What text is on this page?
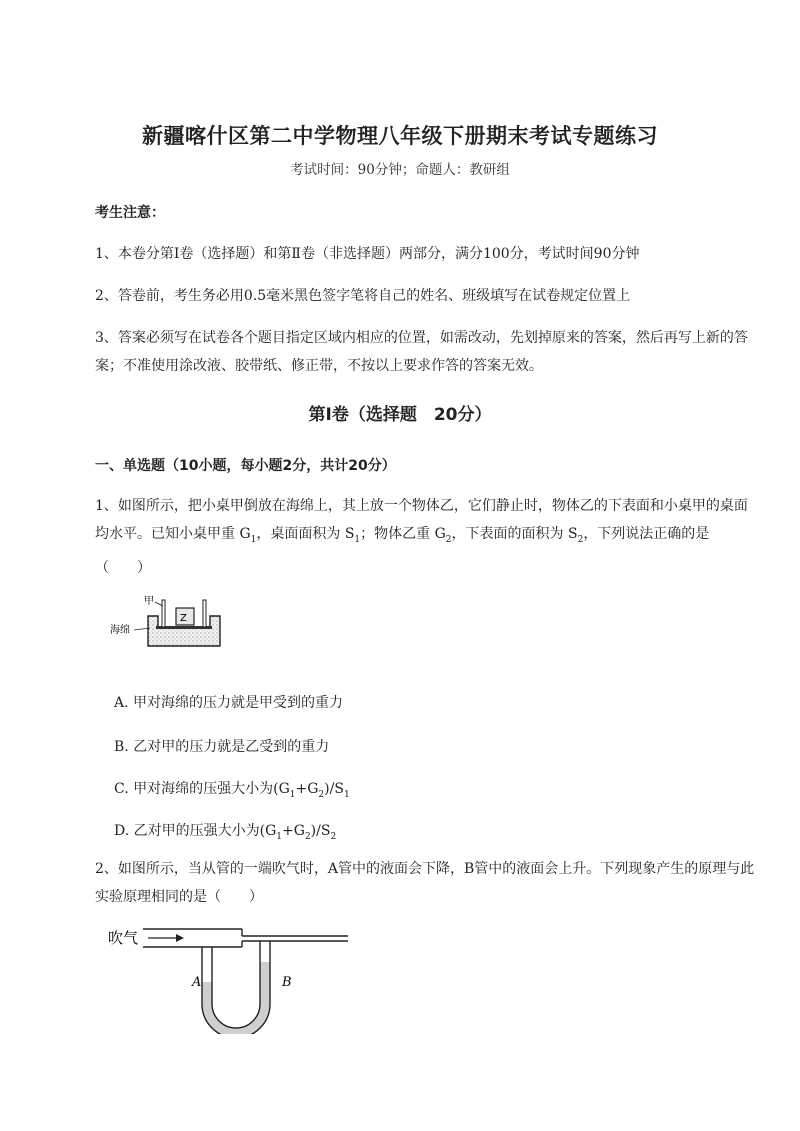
新疆喀什区第二中学物理八年级下册期末考试专题练习
考试时间：90分钟；命题人：教研组
考生注意：
1、本卷分第Ⅰ卷（选择题）和第Ⅱ卷（非选择题）两部分，满分100分，考试时间90分钟
2、答卷前，考生务必用0.5毫米黑色签字笔将自己的姓名、班级填写在试卷规定位置上
3、答案必须写在试卷各个题目指定区域内相应的位置，如需改动，先划掉原来的答案，然后再写上新的答案；不准使用涂改液、胶带纸、修正带，不按以上要求作答的答案无效。
第Ⅰ卷（选择题　20分）
一、单选题（10小题，每小题2分，共计20分）
1、如图所示，把小桌甲倒放在海绵上，其上放一个物体乙，它们静止时，物体乙的下表面和小桌甲的桌面均水平。已知小桌甲重 $G_1$，桌面面积为 $S_1$；物体乙重 $G_2$，下表面的面积为 $S_2$，下列说法正确的是（　　）
Z
甲
海绵
A. 甲对海绵的压力就是甲受到的重力
B. 乙对甲的压力就是乙受到的重力
C. 甲对海绵的压强大小为$(G_1+G_2)/S_1$
D. 乙对甲的压强大小为$(G_1+G_2)/S_2$
2、如图所示，当从管的一端吹气时，A管中的液面会下降，B管中的液面会上升。下列现象产生的原理与此实验原理相同的是（　　）
吹气
A	B
